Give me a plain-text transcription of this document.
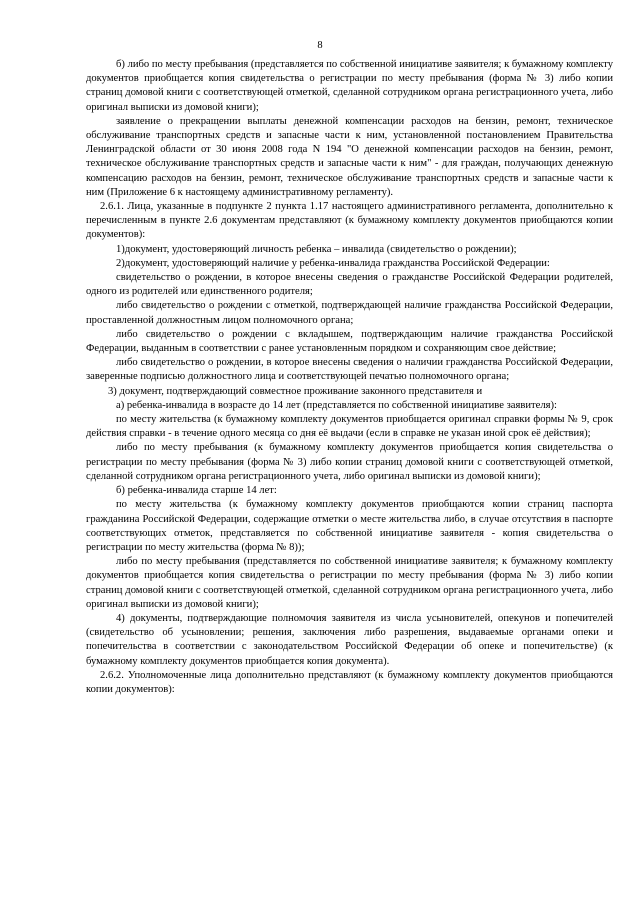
8

б) либо по месту пребывания (представляется по собственной инициативе заявителя; к бумажному комплекту документов приобщается копия свидетельства о регистрации по месту пребывания (форма № 3) либо копии страниц домовой книги с соответствующей отметкой, сделанной сотрудником органа регистрационного учета, либо оригинал выписки из домовой книги);

заявление о прекращении выплаты денежной компенсации расходов на бензин, ремонт, техническое обслуживание транспортных средств и запасные части к ним, установленной постановлением Правительства Ленинградской области от 30 июня 2008 года N 194 "О денежной компенсации расходов на бензин, ремонт, техническое обслуживание транспортных средств и запасные части к ним" - для граждан, получающих денежную компенсацию расходов на бензин, ремонт, техническое обслуживание транспортных средств и запасные части к ним (Приложение 6 к настоящему административному регламенту).

2.6.1. Лица, указанные в подпункте 2 пункта 1.17 настоящего административного регламента, дополнительно к перечисленным в пункте 2.6 документам представляют (к бумажному комплекту документов приобщаются копии документов):

1)документ, удостоверяющий личность ребенка – инвалида (свидетельство о рождении);

2)документ, удостоверяющий наличие у ребенка-инвалида гражданства Российской Федерации:

свидетельство о рождении, в которое внесены сведения о гражданстве Российской Федерации родителей, одного из родителей или единственного родителя;

либо свидетельство о рождении с отметкой, подтверждающей наличие гражданства Российской Федерации, проставленной должностным лицом полномочного органа;

либо свидетельство о рождении с вкладышем, подтверждающим наличие гражданства Российской Федерации, выданным в соответствии с ранее установленным порядком и сохраняющим свое действие;

либо свидетельство о рождении, в которое внесены сведения о наличии гражданства Российской Федерации, заверенные подписью должностного лица и соответствующей печатью полномочного органа;

3) документ, подтверждающий совместное проживание законного представителя и

а) ребенка-инвалида в возрасте до 14 лет (представляется по собственной инициативе заявителя):

по месту жительства (к бумажному комплекту документов приобщается оригинал справки формы № 9, срок действия справки - в течение одного месяца со дня её выдачи (если в справке не указан иной срок её действия);

либо по месту пребывания (к бумажному комплекту документов приобщается копия свидетельства о регистрации по месту пребывания (форма № 3) либо копии страниц домовой книги с соответствующей отметкой, сделанной сотрудником органа регистрационного учета, либо оригинал выписки из домовой книги);

б) ребенка-инвалида старше 14 лет:

по месту жительства (к бумажному комплекту документов приобщаются копии страниц паспорта гражданина Российской Федерации, содержащие отметки о месте жительства либо, в случае отсутствия в паспорте соответствующих отметок, представляется по собственной инициативе заявителя - копия свидетельства о регистрации по месту жительства (форма № 8));

либо по месту пребывания (представляется по собственной инициативе заявителя; к бумажному комплекту документов приобщается копия свидетельства о регистрации по месту пребывания (форма № 3) либо копии страниц домовой книги с соответствующей отметкой, сделанной сотрудником органа регистрационного учета, либо оригинал выписки из домовой книги);

4) документы, подтверждающие полномочия заявителя из числа усыновителей, опекунов и попечителей (свидетельство об усыновлении; решения, заключения либо разрешения, выдаваемые органами опеки и попечительства в соответствии с законодательством Российской Федерации об опеке и попечительстве) (к бумажному комплекту документов приобщается копия документа).

2.6.2. Уполномоченные лица дополнительно представляют (к бумажному комплекту документов приобщаются копии документов):
